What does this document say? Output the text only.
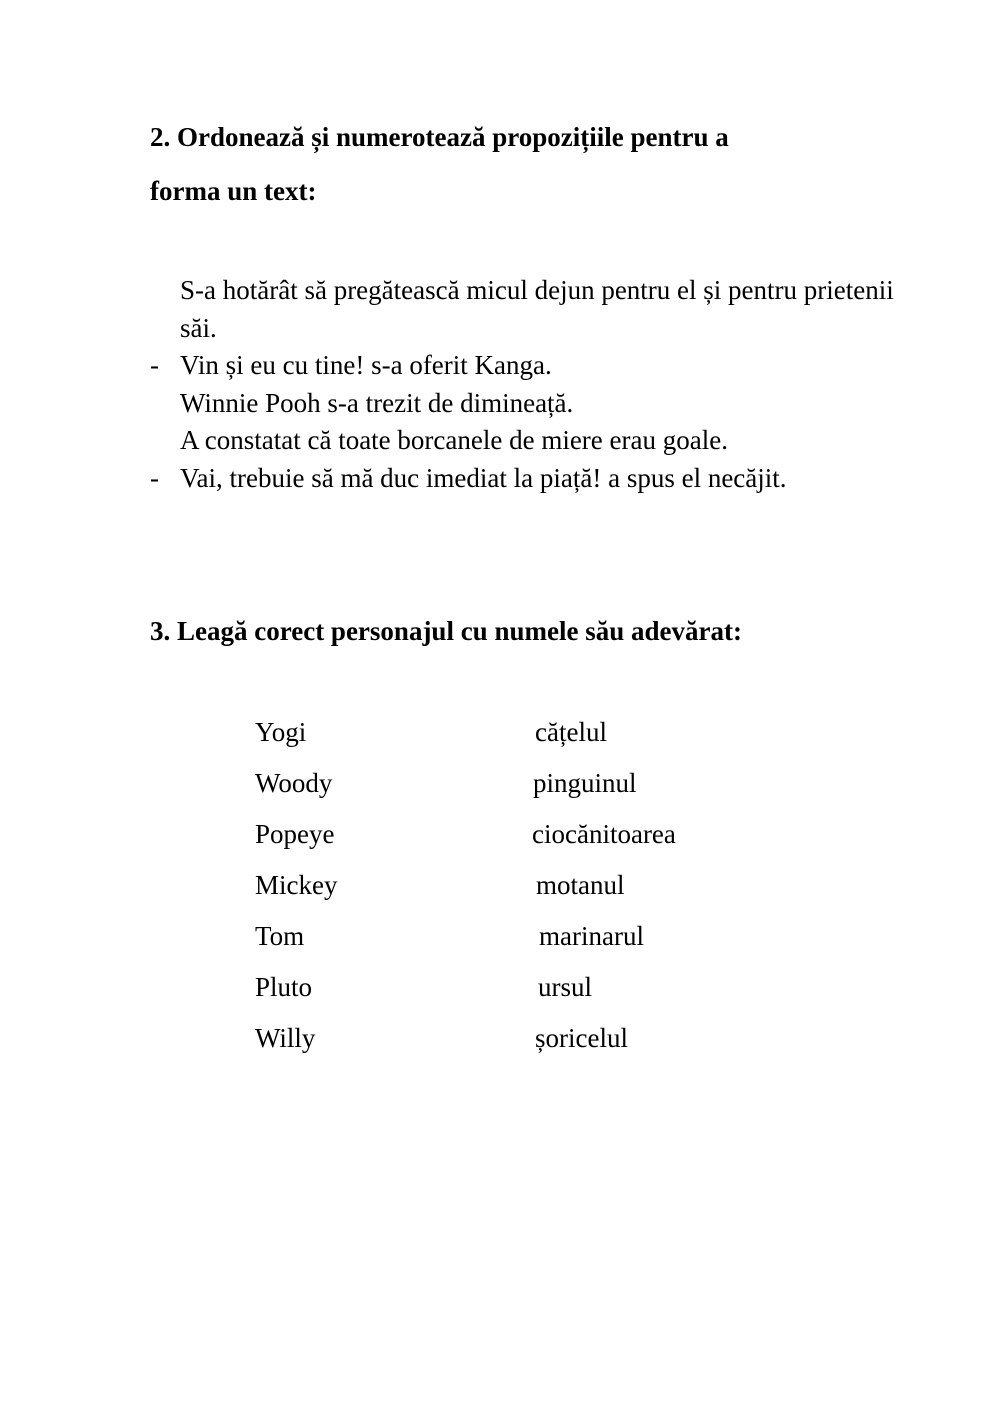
2. Ordonează și numerotează propozițiile pentru a
forma un text:
S-a hotărât să pregătească micul dejun pentru el și pentru prietenii săi.
- Vin și eu cu tine! s-a oferit Kanga.
Winnie Pooh s-a trezit de dimineață.
A constatat că toate borcanele de miere erau goale.
- Vai, trebuie să mă duc imediat la piață! a spus el necăjit.
3. Leagă corect personajul cu numele său adevărat:
Yogi	cățelul
Woody	pinguinul
Popeye	ciocănitoarea
Mickey	motanul
Tom	marinarul
Pluto	ursul
Willy	șoricelul
